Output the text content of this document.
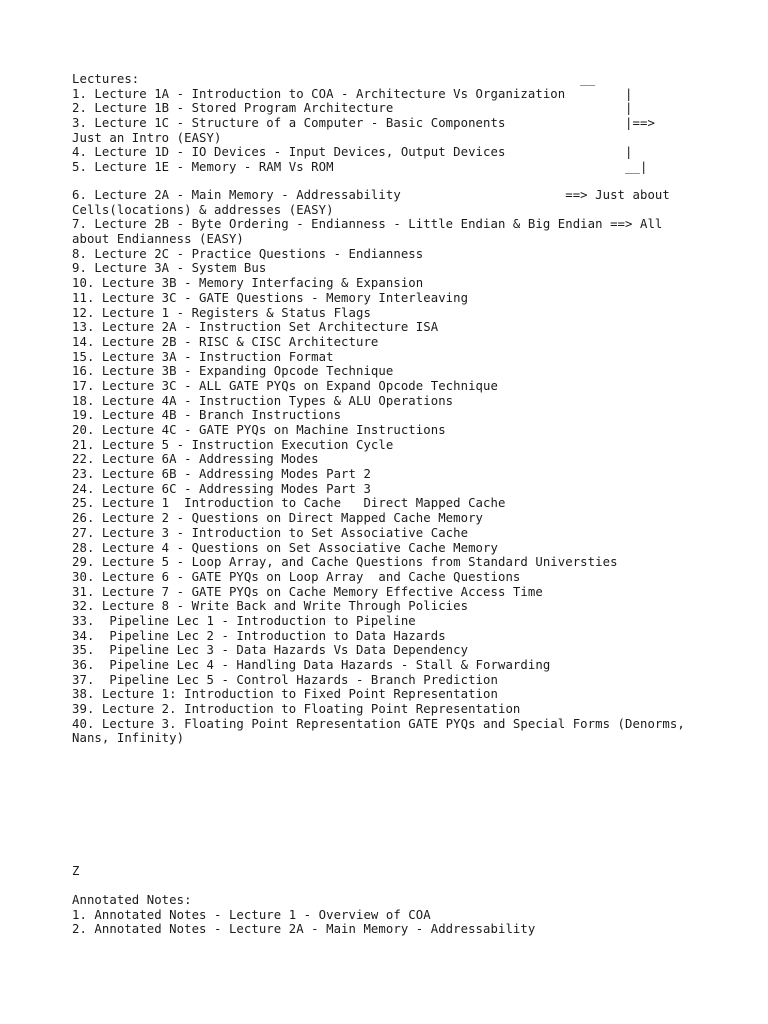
Lectures:                                                           __
1. Lecture 1A - Introduction to COA - Architecture Vs Organization        |
2. Lecture 1B - Stored Program Architecture                               |
3. Lecture 1C - Structure of a Computer - Basic Components                |==>
Just an Intro (EASY)
4. Lecture 1D - IO Devices - Input Devices, Output Devices                |
5. Lecture 1E - Memory - RAM Vs ROM                                       __|
6. Lecture 2A - Main Memory - Addressability                      ==> Just about
Cells(locations) & addresses (EASY)
7. Lecture 2B - Byte Ordering - Endianness - Little Endian & Big Endian ==> All
about Endianness (EASY)
8. Lecture 2C - Practice Questions - Endianness
9. Lecture 3A - System Bus
10. Lecture 3B - Memory Interfacing & Expansion
11. Lecture 3C - GATE Questions - Memory Interleaving
12. Lecture 1 - Registers & Status Flags
13. Lecture 2A - Instruction Set Architecture ISA
14. Lecture 2B - RISC & CISC Architecture
15. Lecture 3A - Instruction Format
16. Lecture 3B - Expanding Opcode Technique
17. Lecture 3C - ALL GATE PYQs on Expand Opcode Technique
18. Lecture 4A - Instruction Types & ALU Operations
19. Lecture 4B - Branch Instructions
20. Lecture 4C - GATE PYQs on Machine Instructions
21. Lecture 5 - Instruction Execution Cycle
22. Lecture 6A - Addressing Modes
23. Lecture 6B - Addressing Modes Part 2
24. Lecture 6C - Addressing Modes Part 3
25. Lecture 1  Introduction to Cache   Direct Mapped Cache
26. Lecture 2 - Questions on Direct Mapped Cache Memory
27. Lecture 3 - Introduction to Set Associative Cache
28. Lecture 4 - Questions on Set Associative Cache Memory
29. Lecture 5 - Loop Array, and Cache Questions from Standard Universties
30. Lecture 6 - GATE PYQs on Loop Array  and Cache Questions
31. Lecture 7 - GATE PYQs on Cache Memory Effective Access Time
32. Lecture 8 - Write Back and Write Through Policies
33.  Pipeline Lec 1 - Introduction to Pipeline
34.  Pipeline Lec 2 - Introduction to Data Hazards
35.  Pipeline Lec 3 - Data Hazards Vs Data Dependency
36.  Pipeline Lec 4 - Handling Data Hazards - Stall & Forwarding
37.  Pipeline Lec 5 - Control Hazards - Branch Prediction
38. Lecture 1: Introduction to Fixed Point Representation
39. Lecture 2. Introduction to Floating Point Representation
40. Lecture 3. Floating Point Representation GATE PYQs and Special Forms (Denorms,
Nans, Infinity)
Z
Annotated Notes:
1. Annotated Notes - Lecture 1 - Overview of COA
2. Annotated Notes - Lecture 2A - Main Memory - Addressability
